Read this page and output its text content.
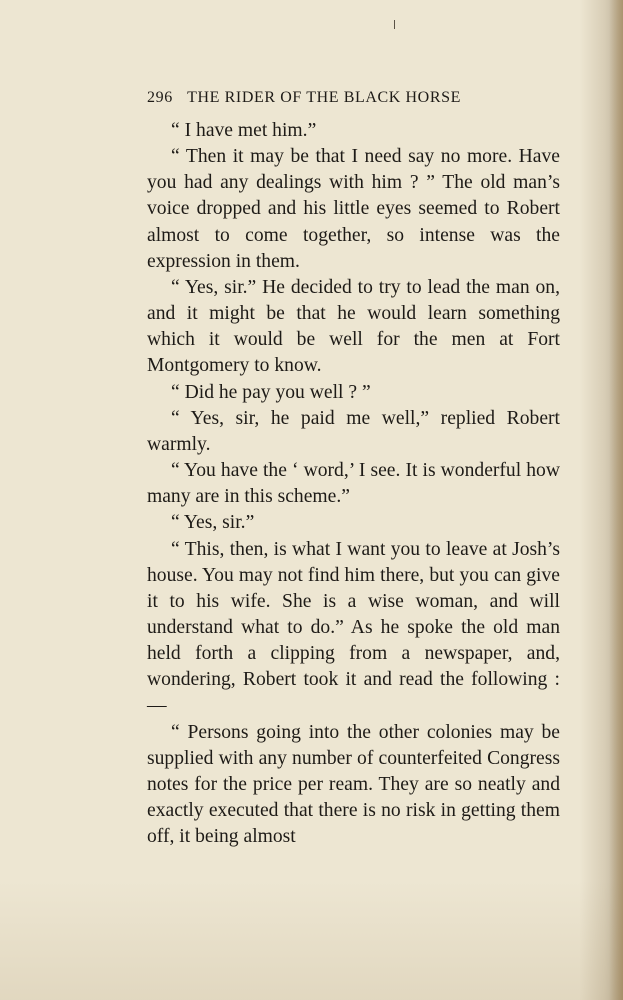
296 THE RIDER OF THE BLACK HORSE

“ I have met him.”

“ Then it may be that I need say no more. Have you had any dealings with him ? ” The old man’s voice dropped and his little eyes seemed to Robert almost to come together, so intense was the expression in them.

“ Yes, sir.” He decided to try to lead the man on, and it might be that he would learn something which it would be well for the men at Fort Montgomery to know.

“ Did he pay you well ? ”

“ Yes, sir, he paid me well,” replied Robert warmly.

“ You have the ‘ word,’ I see. It is wonderful how many are in this scheme.”

“ Yes, sir.”

“ This, then, is what I want you to leave at Josh’s house. You may not find him there, but you can give it to his wife. She is a wise woman, and will understand what to do.” As he spoke the old man held forth a clipping from a newspaper, and, wondering, Robert took it and read the following : —

“ Persons going into the other colonies may be supplied with any number of counterfeited Congress notes for the price per ream. They are so neatly and exactly executed that there is no risk in getting them off, it being almost
